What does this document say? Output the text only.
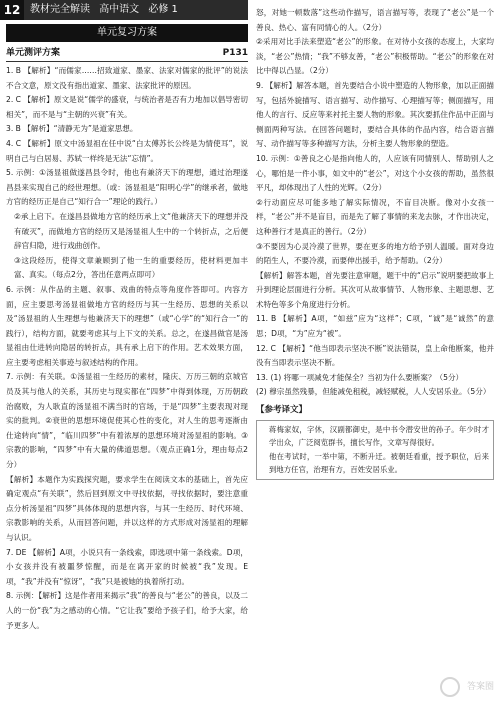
12 教材完全解读 高中语文 必修 1
单元复习方案
单元测评方案	P131

1. B 【解析】“而儒家……招致道家、墨家、法家对儒家的批评”的说法不合文意，原文没有指出道家、墨家、法家批评的原因。

2. C 【解析】原文是说“儒学的盛衰，与统治者是否有力地加以倡导密切相关”，而不是与“主朝的兴衰”有关。

3. B 【解析】“清静无为”是道家思想。

4. C 【解析】原文中汤显祖在任中说“白太傅苏长公终是为情使耳”，说明自己与白居易、苏轼一样终是无法“忘情”。

5. 示例：①汤显祖做遂昌县令时，他也有兼济天下的理想，通过治理遂昌县来实现自己的经世理想。（或：汤显祖是“阳明心学”的继承者，做地方官的经历正是自己“知行合一”理论的践行。）

②承上启下。在遂昌县做地方官的经历承上文“他兼济天下的理想并没有破灭”，而做地方官的经历又是汤显祖人生中的一个转折点，之后便辞官归隐，进行戏曲创作。

③这段经历，使得文章兼顾到了他一生的重要经历，使材料更加丰富、真实。（每点2分，答出任意两点即可）

6. 示例：从作品的主题、叙事、戏曲的特点等角度作答即可。内容方面，应主要思考汤显祖做地方官的经历与其一生经历、思想的关系以及“汤显祖的人生理想与他兼济天下的理想”（或“心学”的“知行合一”的践行），结构方面，就要考虑其与上下文的关系。总之，在遂昌做官是汤显祖由仕进转向隐居的转折点，具有承上启下的作用。艺术效果方面，应主要考虑相关事迹与叙述结构的作用。

7. 示例：有关联。①汤显祖一生经历的素材，隆庆、万历三朝的京城官员及其与他人的关系，其历史与现实都在“四梦”中得到体现，万历朝政治腐败，为人耿直的汤显祖不满当时的官场，于是“四梦”主要表现对现实的批判。②衰世的思想环境促使其心性的变化，对人生的思考逐渐由仕途转向“情”，“临川四梦”中有着浓厚的思想环境对汤显祖的影响。③宗教的影响，“四梦”中有大量的佛道思想。（观点正确1分，理由每点2分）

【解析】本题作为实践探究题，要求学生在阅读文本的基础上，首先应确定观点“有关联”，然后回到原文中寻找依据，寻找依据时，要注意重点分析汤显祖“四梦”具体体现的思想内容，与其一生经历、时代环境、宗教影响的关系，从而回答问题，并以这样的方式形成对汤显祖的理解与认识。

7. DE 【解析】A项，小说只有一条线索，即选项中第一条线索。D项，小女孩并没有被噩梦惊醒，而是在离开家的时候被“我”发现。E项，“我”并没有“惊讶”，“我”只是被她的执着所打动。

8. 示例：【解析】这是作者用来揭示“我”的善良与“老公”的善良，以及二人的一份“我”为之感动的心情。“它让我”要给予孩子们，给予大家，给予更多人。

怒，对她一顿数落”这些动作描写，语言描写等，表现了“老公”是一个善良、热心、富有同情心的人。（2分）

②采用对比手法来塑造“老公”的形象。在对待小女孩的态度上，大家均淡，“老公”热情；“我”不够友善，“老公”积极帮助。“老公”的形象在对比中得以凸显。（2分）

9. 【解析】解答本题，首先要结合小说中塑造的人物形象，加以正面描写，包括外貌描写、语言描写、动作描写、心理描写等；侧面描写，用他人的言行、反应等来衬托主要人物的形象。其次要抓住作品中正面与侧面两种写法。在回答问题时，要结合具体的作品内容，结合语言描写、动作描写等多种描写方法，分析主要人物形象的塑造。

10. 示例：①善良之心是指向他人的，人应该有同情别人、帮助别人之心，哪怕是一件小事，如文中的“老公”，对这个小女孩的帮助，虽然很平凡，却体现出了人性的光辉。（2分）

②行动面应尽可能多地了解实际情况，不盲目决断。像对小女孩一样，“老公”并不是盲目，而是先了解了事情的来龙去脉，才作出决定，这种善行才是真正的善行。（2分）

③不要因为心灵冷漠了世界，要在更多的地方给予别人温暖。面对身边的陌生人，不要冷漠，而要伸出援手，给予帮助。（2分）

【解析】解答本题，首先要注意审题，题干中的“启示”说明要把故事上升到理论层面进行分析。其次可从故事情节、人物形象、主题思想、艺术特色等多个角度进行分析。

11. B 【解析】A项，“如兹”应为“这样”；C项，“诚”是“诚然”的意思；D项，“为”应为“被”。

12. C 【解析】“他当即表示坚决不断”说法错误，皇上命他断案，他并没有当即表示坚决不断。

13. (1) 将哪一项减免才能保全？当初为什么要断案？（5分）

(2) 穆宗虽然残暴，但能减免租税，减轻赋税，人人安居乐业。（5分）

【参考译文】

蒋梅家奴，字休，汉副都御史，是中书令潜安世的孙子。年少时才学出众，广泛阅览群书，擅长写作，文章写得很好。

他在考试时，一举中第，不断升迁。被朝廷看重，授予职位，后来到地方任官，治理有方，百姓安居乐业。

答案圈
